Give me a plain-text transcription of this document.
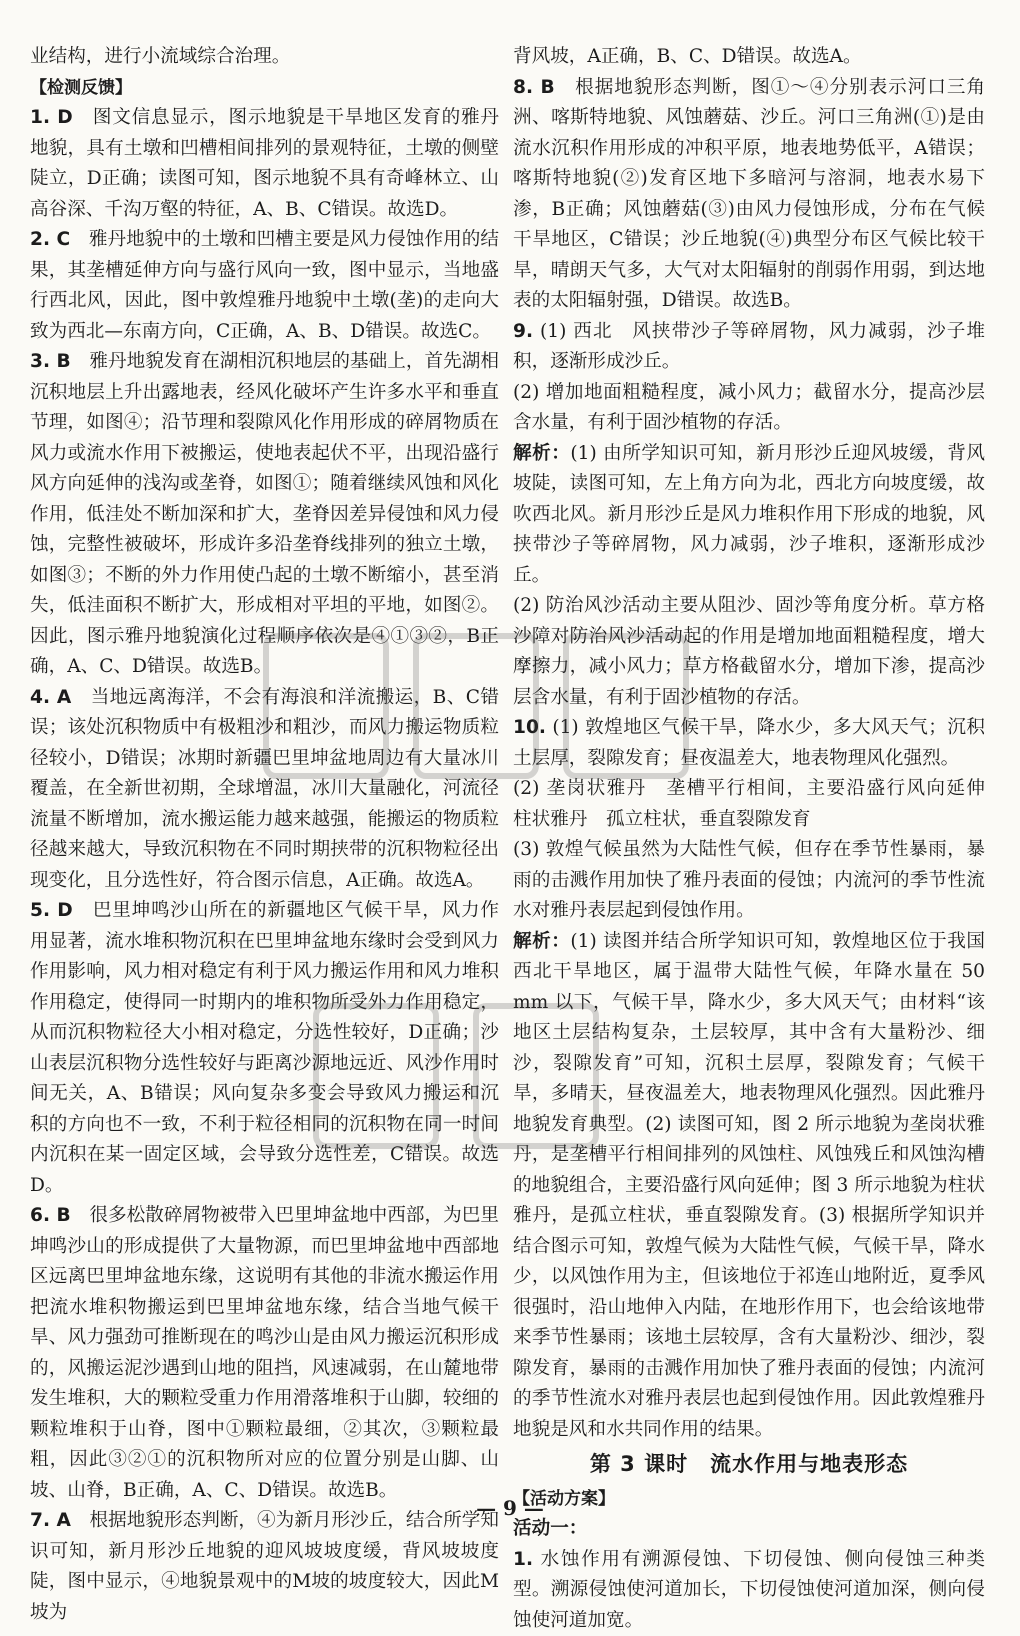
业结构，进行小流域综合治理。

【检测反馈】

1. D　 图文信息显示，图示地貌是干旱地区发育的雅丹地貌，具有土墩和凹槽相间排列的景观特征，土墩的侧壁陡立，D正确；读图可知，图示地貌不具有奇峰林立、山高谷深、千沟万壑的特征，A、B、C错误。故选D。

2. C　 雅丹地貌中的土墩和凹槽主要是风力侵蚀作用的结果，其垄槽延伸方向与盛行风向一致，图中显示，当地盛行西北风，因此，图中敦煌雅丹地貌中土墩(垄)的走向大致为西北—东南方向，C正确，A、B、D错误。故选C。

3. B　 雅丹地貌发育在湖相沉积地层的基础上，首先湖相沉积地层上升出露地表，经风化破坏产生许多水平和垂直节理，如图④；沿节理和裂隙风化作用形成的碎屑物质在风力或流水作用下被搬运，使地表起伏不平，出现沿盛行风方向延伸的浅沟或垄脊，如图①；随着继续风蚀和风化作用，低洼处不断加深和扩大，垄脊因差异侵蚀和风力侵蚀，完整性被破坏，形成许多沿垄脊线排列的独立土墩，如图③；不断的外力作用使凸起的土墩不断缩小，甚至消失，低洼面积不断扩大，形成相对平坦的平地，如图②。因此，图示雅丹地貌演化过程顺序依次是④①③②，B正确，A、C、D错误。故选B。

4. A　 当地远离海洋，不会有海浪和洋流搬运，B、C错误；该处沉积物质中有极粗沙和粗沙，而风力搬运物质粒径较小，D错误；冰期时新疆巴里坤盆地周边有大量冰川覆盖，在全新世初期，全球增温，冰川大量融化，河流径流量不断增加，流水搬运能力越来越强，能搬运的物质粒径越来越大，导致沉积物在不同时期挟带的沉积物粒径出现变化，且分选性好，符合图示信息，A正确。故选A。

5. D　 巴里坤鸣沙山所在的新疆地区气候干旱，风力作用显著，流水堆积物沉积在巴里坤盆地东缘时会受到风力作用影响，风力相对稳定有利于风力搬运作用和风力堆积作用稳定，使得同一时期内的堆积物所受外力作用稳定，从而沉积物粒径大小相对稳定，分选性较好，D正确；沙山表层沉积物分选性较好与距离沙源地远近、风沙作用时间无关，A、B错误；风向复杂多变会导致风力搬运和沉积的方向也不一致，不利于粒径相同的沉积物在同一时间内沉积在某一固定区域，会导致分选性差，C错误。故选D。

6. B　 很多松散碎屑物被带入巴里坤盆地中西部，为巴里坤鸣沙山的形成提供了大量物源，而巴里坤盆地中西部地区远离巴里坤盆地东缘，这说明有其他的非流水搬运作用把流水堆积物搬运到巴里坤盆地东缘，结合当地气候干旱、风力强劲可推断现在的鸣沙山是由风力搬运沉积形成的，风搬运泥沙遇到山地的阻挡，风速减弱，在山麓地带发生堆积，大的颗粒受重力作用滑落堆积于山脚，较细的颗粒堆积于山脊，图中①颗粒最细，②其次，③颗粒最粗，因此③②①的沉积物所对应的位置分别是山脚、山坡、山脊，B正确，A、C、D错误。故选B。

7. A　 根据地貌形态判断，④为新月形沙丘，结合所学知识可知，新月形沙丘地貌的迎风坡坡度缓，背风坡坡度陡，图中显示，④地貌景观中的M坡的坡度较大，因此M坡为

背风坡，A正确，B、C、D错误。故选A。

8. B　 根据地貌形态判断，图①～④分别表示河口三角洲、喀斯特地貌、风蚀蘑菇、沙丘。河口三角洲(①)是由流水沉积作用形成的冲积平原，地表地势低平，A错误；喀斯特地貌(②)发育区地下多暗河与溶洞，地表水易下渗，B正确；风蚀蘑菇(③)由风力侵蚀形成，分布在气候干旱地区，C错误；沙丘地貌(④)典型分布区气候比较干旱，晴朗天气多，大气对太阳辐射的削弱作用弱，到达地表的太阳辐射强，D错误。故选B。

9. (1) 西北　风挟带沙子等碎屑物，风力减弱，沙子堆积，逐渐形成沙丘。

(2) 增加地面粗糙程度，减小风力；截留水分，提高沙层含水量，有利于固沙植物的存活。

解析：(1) 由所学知识可知，新月形沙丘迎风坡缓，背风坡陡，读图可知，左上角方向为北，西北方向坡度缓，故吹西北风。新月形沙丘是风力堆积作用下形成的地貌，风挟带沙子等碎屑物，风力减弱，沙子堆积，逐渐形成沙丘。

(2) 防治风沙活动主要从阻沙、固沙等角度分析。草方格沙障对防治风沙活动起的作用是增加地面粗糙程度，增大摩擦力，减小风力；草方格截留水分，增加下渗，提高沙层含水量，有利于固沙植物的存活。

10. (1) 敦煌地区气候干旱，降水少，多大风天气；沉积土层厚，裂隙发育；昼夜温差大，地表物理风化强烈。

(2) 垄岗状雅丹　垄槽平行相间，主要沿盛行风向延伸　柱状雅丹　孤立柱状，垂直裂隙发育

(3) 敦煌气候虽然为大陆性气候，但存在季节性暴雨，暴雨的击溅作用加快了雅丹表面的侵蚀；内流河的季节性流水对雅丹表层起到侵蚀作用。

解析：(1) 读图并结合所学知识可知，敦煌地区位于我国西北干旱地区，属于温带大陆性气候，年降水量在 50 mm 以下，气候干旱，降水少，多大风天气；由材料“该地区土层结构复杂，土层较厚，其中含有大量粉沙、细沙，裂隙发育”可知，沉积土层厚，裂隙发育；气候干旱，多晴天，昼夜温差大，地表物理风化强烈。因此雅丹地貌发育典型。(2) 读图可知，图 2 所示地貌为垄岗状雅丹，是垄槽平行相间排列的风蚀柱、风蚀残丘和风蚀沟槽的地貌组合，主要沿盛行风向延伸；图 3 所示地貌为柱状雅丹，是孤立柱状，垂直裂隙发育。(3) 根据所学知识并结合图示可知，敦煌气候为大陆性气候，气候干旱，降水少，以风蚀作用为主，但该地位于祁连山地附近，夏季风很强时，沿山地伸入内陆，在地形作用下，也会给该地带来季节性暴雨；该地土层较厚，含有大量粉沙、细沙，裂隙发育，暴雨的击溅作用加快了雅丹表面的侵蚀；内流河的季节性流水对雅丹表层也起到侵蚀作用。因此敦煌雅丹地貌是风和水共同作用的结果。

第 3 课时　流水作用与地表形态

【活动方案】

活动一：

1. 水蚀作用有溯源侵蚀、下切侵蚀、侧向侵蚀三种类型。溯源侵蚀使河道加长，下切侵蚀使河道加深，侧向侵蚀使河道加宽。

— 9 —
